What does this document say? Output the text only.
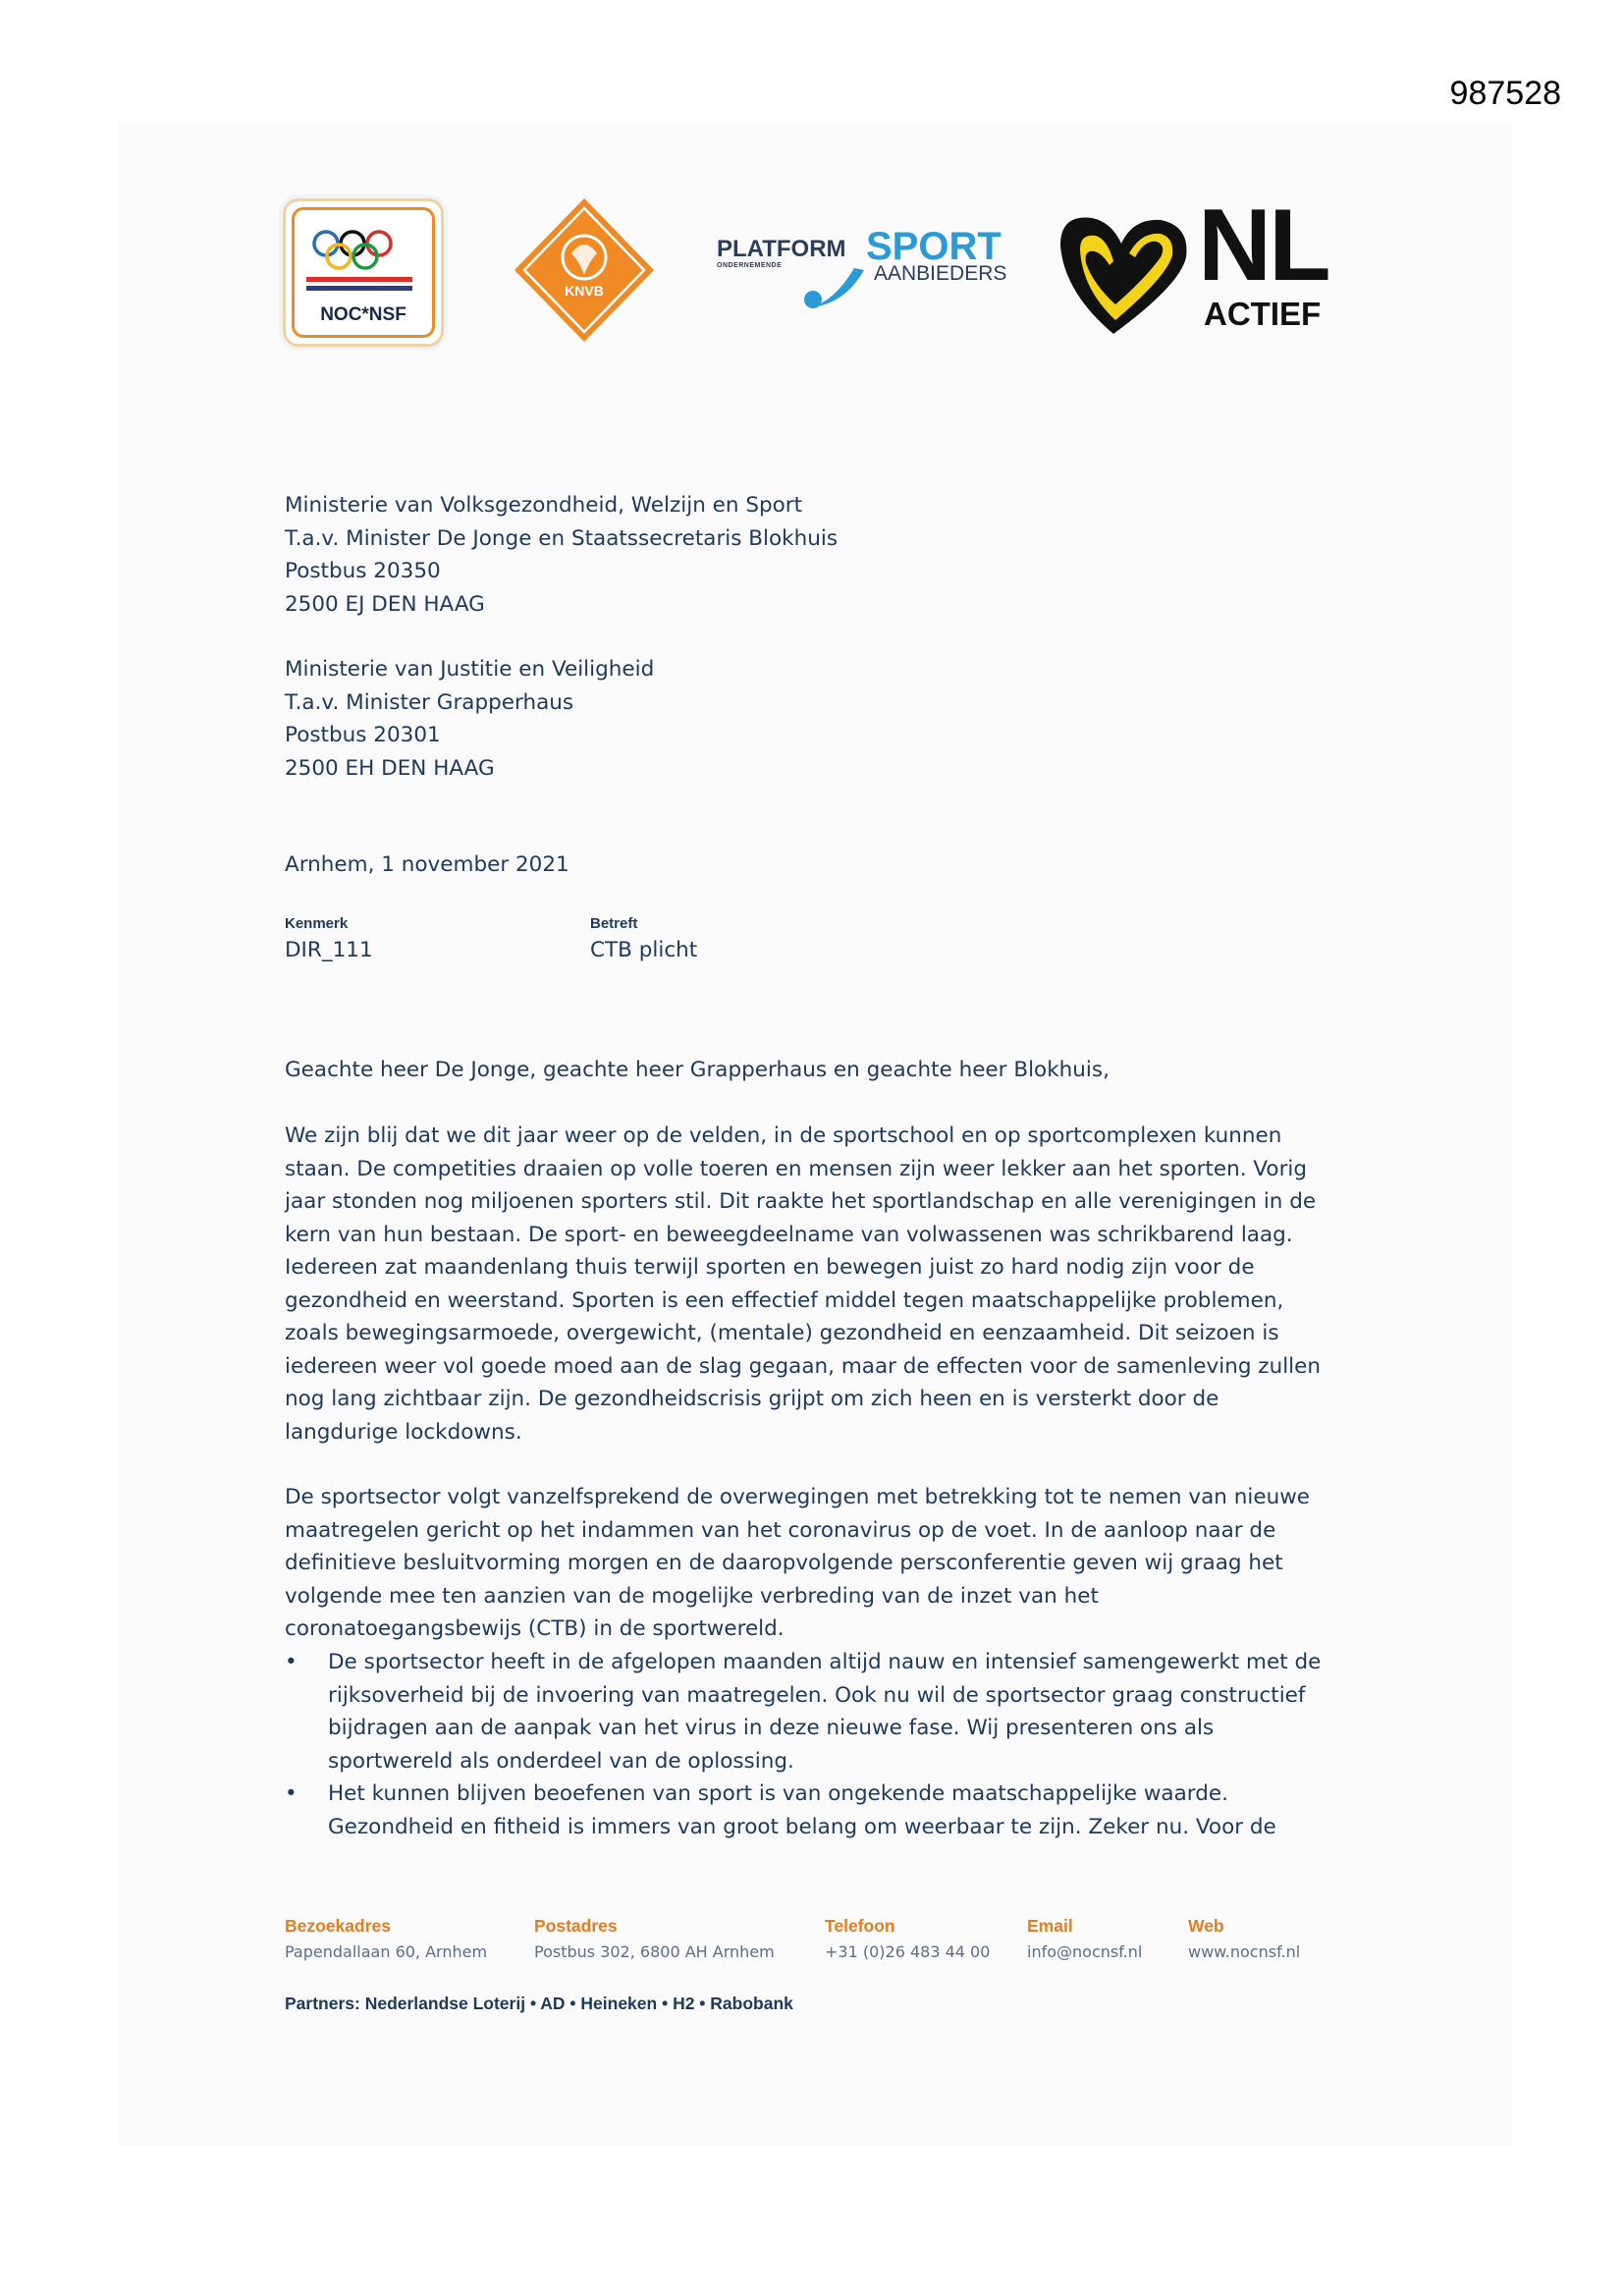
987528
NOC*NSF
KNVB
PLATFORM
ONDERNEMENDE SPORT
AANBIEDERS NL
ACTIEF
Ministerie van Volksgezondheid, Welzijn en Sport
T.a.v. Minister De Jonge en Staatssecretaris Blokhuis
Postbus 20350
2500 EJ DEN HAAG
Ministerie van Justitie en Veiligheid
T.a.v. Minister Grapperhaus
Postbus 20301
2500 EH DEN HAAG
Arnhem, 1 november 2021
Kenmerk
DIR_111
Betreft
CTB plicht
Geachte heer De Jonge, geachte heer Grapperhaus en geachte heer Blokhuis,
We zijn blij dat we dit jaar weer op de velden, in de sportschool en op sportcomplexen kunnen
staan. De competities draaien op volle toeren en mensen zijn weer lekker aan het sporten. Vorig
jaar stonden nog miljoenen sporters stil. Dit raakte het sportlandschap en alle verenigingen in de
kern van hun bestaan. De sport- en beweegdeelname van volwassenen was schrikbarend laag.
Iedereen zat maandenlang thuis terwijl sporten en bewegen juist zo hard nodig zijn voor de
gezondheid en weerstand. Sporten is een effectief middel tegen maatschappelijke problemen,
zoals bewegingsarmoede, overgewicht, (mentale) gezondheid en eenzaamheid. Dit seizoen is
iedereen weer vol goede moed aan de slag gegaan, maar de effecten voor de samenleving zullen
nog lang zichtbaar zijn. De gezondheidscrisis grijpt om zich heen en is versterkt door de
langdurige lockdowns.
De sportsector volgt vanzelfsprekend de overwegingen met betrekking tot te nemen van nieuwe
maatregelen gericht op het indammen van het coronavirus op de voet. In de aanloop naar de
definitieve besluitvorming morgen en de daaropvolgende persconferentie geven wij graag het
volgende mee ten aanzien van de mogelijke verbreding van de inzet van het
coronatoegangsbewijs (CTB) in de sportwereld.
• De sportsector heeft in de afgelopen maanden altijd nauw en intensief samengewerkt met de
rijksoverheid bij de invoering van maatregelen. Ook nu wil de sportsector graag constructief
bijdragen aan de aanpak van het virus in deze nieuwe fase. Wij presenteren ons als
sportwereld als onderdeel van de oplossing.
• Het kunnen blijven beoefenen van sport is van ongekende maatschappelijke waarde.
Gezondheid en fitheid is immers van groot belang om weerbaar te zijn. Zeker nu. Voor de
Bezoekadres
Papendallaan 60, Arnhem
Postadres
Postbus 302, 6800 AH Arnhem
Telefoon
+31 (0)26 483 44 00
Email
info@nocnsf.nl
Web
www.nocnsf.nl
Partners: Nederlandse Loterij • AD • Heineken • H2 • Rabobank
